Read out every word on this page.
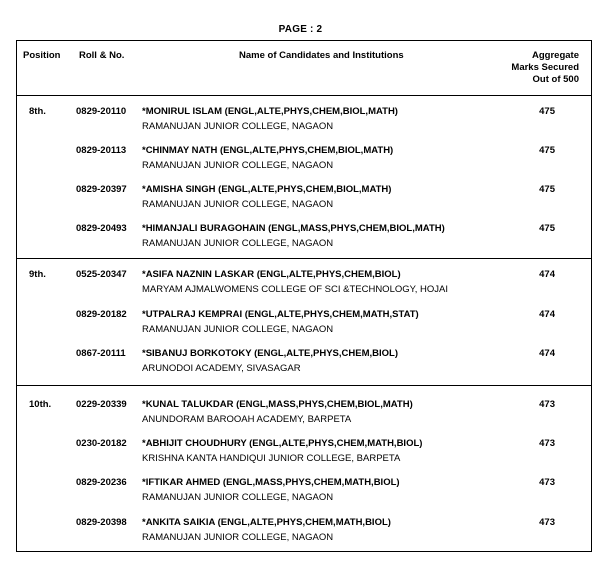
PAGE : 2
Position Roll & No.	Name of Candidates and Institutions	Aggregate
Marks Secured
Out of 500
8th.	0829-20110 *MONIRUL ISLAM (ENGL,ALTE,PHYS,CHEM,BIOL,MATH)
RAMANUJAN JUNIOR COLLEGE, NAGAON
475
0829-20113 *CHINMAY NATH (ENGL,ALTE,PHYS,CHEM,BIOL,MATH)
RAMANUJAN JUNIOR COLLEGE, NAGAON
475
0829-20397 *AMISHA SINGH (ENGL,ALTE,PHYS,CHEM,BIOL,MATH)
RAMANUJAN JUNIOR COLLEGE, NAGAON
475
0829-20493 *HIMANJALI BURAGOHAIN (ENGL,MASS,PHYS,CHEM,BIOL,MATH)
RAMANUJAN JUNIOR COLLEGE, NAGAON
475
9th.	0525-20347 *ASIFA NAZNIN LASKAR (ENGL,ALTE,PHYS,CHEM,BIOL)
MARYAM AJMALWOMENS COLLEGE OF SCI &TECHNOLOGY, HOJAI
474
0829-20182 *UTPALRAJ KEMPRAI (ENGL,ALTE,PHYS,CHEM,MATH,STAT)
RAMANUJAN JUNIOR COLLEGE, NAGAON
474
0867-20111 *SIBANUJ BORKOTOKY (ENGL,ALTE,PHYS,CHEM,BIOL)
ARUNODOI ACADEMY, SIVASAGAR
474
10th.	0229-20339 *KUNAL TALUKDAR (ENGL,MASS,PHYS,CHEM,BIOL,MATH)
ANUNDORAM BAROOAH ACADEMY, BARPETA
473
0230-20182 *ABHIJIT CHOUDHURY (ENGL,ALTE,PHYS,CHEM,MATH,BIOL)
KRISHNA KANTA HANDIQUI JUNIOR COLLEGE, BARPETA
473
0829-20236 *IFTIKAR AHMED (ENGL,MASS,PHYS,CHEM,MATH,BIOL)
RAMANUJAN JUNIOR COLLEGE, NAGAON
473
0829-20398 *ANKITA SAIKIA (ENGL,ALTE,PHYS,CHEM,MATH,BIOL)
RAMANUJAN JUNIOR COLLEGE, NAGAON
473
